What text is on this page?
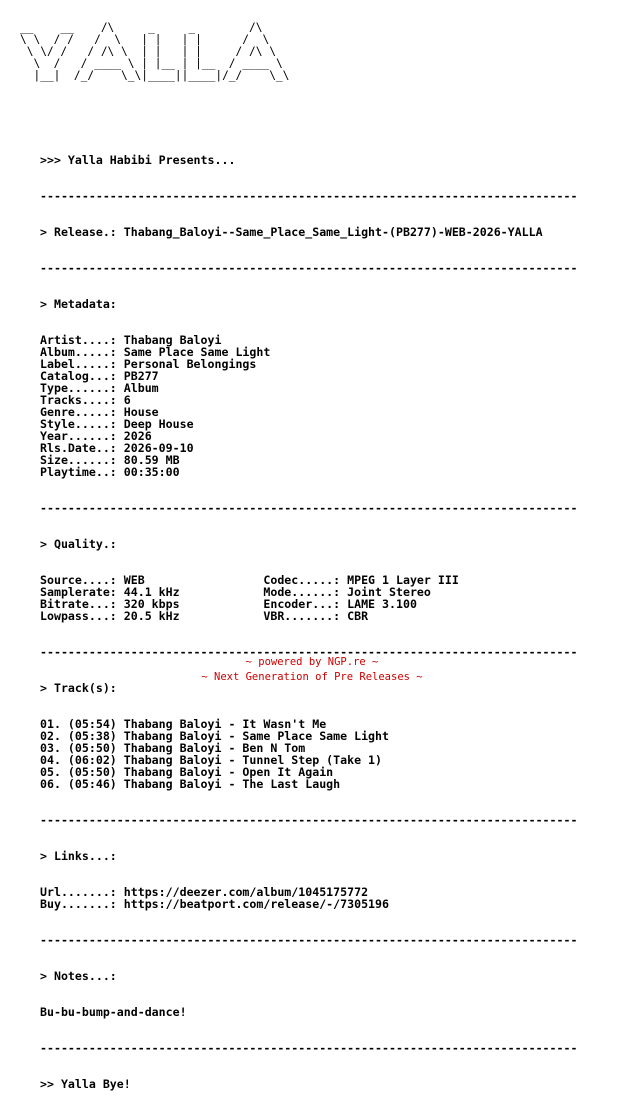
__    __    /\     _     _        /\
\ \  / /   /  \   | |   | |      /  \
\ \/ /   / /\ \  | |   | |     / /\ \
\  /   / ____ \ | |__ | |__  / ____ \
|__|  /_/    \_\|____||____|/_/    \_\

>>> Yalla Habibi Presents...

-----------------------------------------------------------------------------

> Release.: Thabang_Baloyi--Same_Place_Same_Light-(PB277)-WEB-2026-YALLA

-----------------------------------------------------------------------------

> Metadata:

Artist....: Thabang Baloyi
Album.....: Same Place Same Light
Label.....: Personal Belongings
Catalog...: PB277
Type......: Album
Tracks....: 6
Genre.....: House
Style.....: Deep House
Year......: 2026
Rls.Date..: 2026-09-10
Size......: 80.59 MB
Playtime..: 00:35:00

-----------------------------------------------------------------------------

> Quality.:

Source....: WEB                 Codec.....: MPEG 1 Layer III
Samplerate: 44.1 kHz            Mode......: Joint Stereo
Bitrate...: 320 kbps            Encoder...: LAME 3.100
Lowpass...: 20.5 kHz            VBR.......: CBR

-----------------------------------------------------------------------------

> Track(s):

01. (05:54) Thabang Baloyi - It Wasn't Me
02. (05:38) Thabang Baloyi - Same Place Same Light
03. (05:50) Thabang Baloyi - Ben N Tom
04. (06:02) Thabang Baloyi - Tunnel Step (Take 1)
05. (05:50) Thabang Baloyi - Open It Again
06. (05:46) Thabang Baloyi - The Last Laugh

-----------------------------------------------------------------------------

> Links...:

Url.......: https://deezer.com/album/1045175772
Buy.......: https://beatport.com/release/-/7305196

-----------------------------------------------------------------------------

> Notes...:

Bu-bu-bump-and-dance!

-----------------------------------------------------------------------------

>> Yalla Bye!

~ powered by NGP.re ~
~ Next Generation of Pre Releases ~
